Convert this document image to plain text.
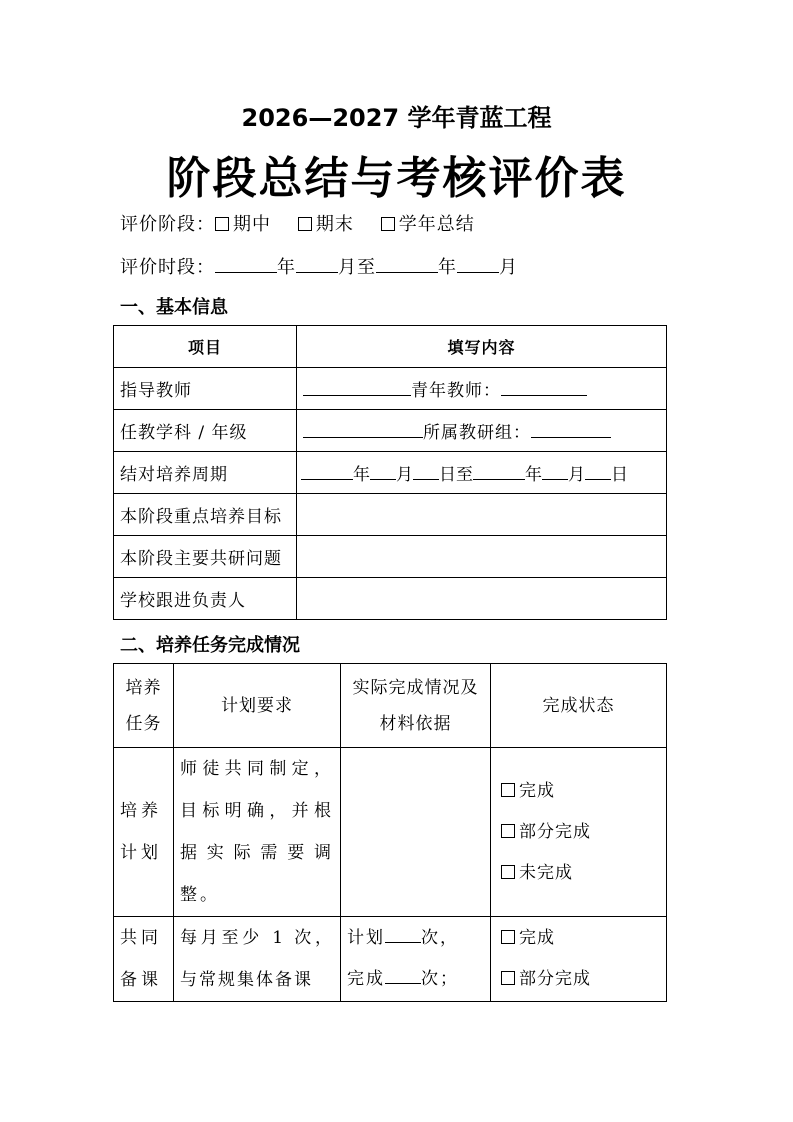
2026—2027 学年青蓝工程
阶段总结与考核评价表
评价阶段： 期中 期末 学年总结
评价时段：	年 月至	年 月
一、基本信息
项目	填写内容
指导教师	青年教师：
任教学科 / 年级	所属教研组：
结对培养周期	年 月 日至 年 月 日
本阶段重点培养目标	
本阶段主要共研问题	
学校跟进负责人	
二、培养任务完成情况
培养任务	计划要求	实际完成情况及材料依据	完成状态
培养计划	师徒共同制定，目标明确，并根据实际需要调整。		完成
部分完成
未完成

共同备课	每月至少 1 次，与常规集体备课	计划 次，
完成 次；	完成
部分完成
